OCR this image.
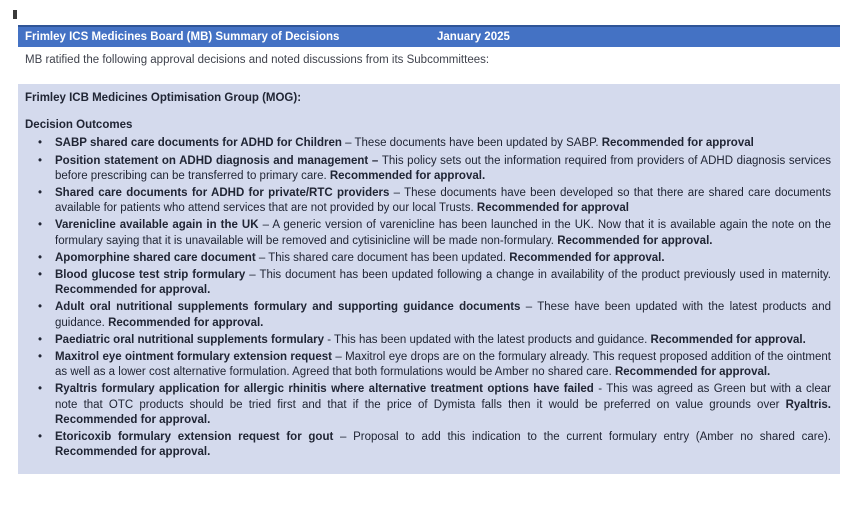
Frimley ICS Medicines Board (MB) Summary of Decisions	January 2025
MB ratified the following approval decisions and noted discussions from its Subcommittees:

Frimley ICB Medicines Optimisation Group (MOG):

Decision Outcomes

• SABP shared care documents for ADHD for Children – These documents have been updated by SABP. Recommended for approval
• Position statement on ADHD diagnosis and management – This policy sets out the information required from providers of ADHD diagnosis services before prescribing can be transferred to primary care. Recommended for approval.
• Shared care documents for ADHD for private/RTC providers – These documents have been developed so that there are shared care documents available for patients who attend services that are not provided by our local Trusts. Recommended for approval
• Varenicline available again in the UK – A generic version of varenicline has been launched in the UK. Now that it is available again the note on the formulary saying that it is unavailable will be removed and cytisinicline will be made non-formulary. Recommended for approval.
• Apomorphine shared care document – This shared care document has been updated. Recommended for approval.
• Blood glucose test strip formulary – This document has been updated following a change in availability of the product previously used in maternity. Recommended for approval.
• Adult oral nutritional supplements formulary and supporting guidance documents – These have been updated with the latest products and guidance. Recommended for approval.
• Paediatric oral nutritional supplements formulary - This has been updated with the latest products and guidance. Recommended for approval.
• Maxitrol eye ointment formulary extension request – Maxitrol eye drops are on the formulary already. This request proposed addition of the ointment as well as a lower cost alternative formulation. Agreed that both formulations would be Amber no shared care. Recommended for approval.
• Ryaltris formulary application for allergic rhinitis where alternative treatment options have failed - This was agreed as Green but with a clear note that OTC products should be tried first and that if the price of Dymista falls then it would be preferred on value grounds over Ryaltris. Recommended for approval.
• Etoricoxib formulary extension request for gout – Proposal to add this indication to the current formulary entry (Amber no shared care). Recommended for approval.
